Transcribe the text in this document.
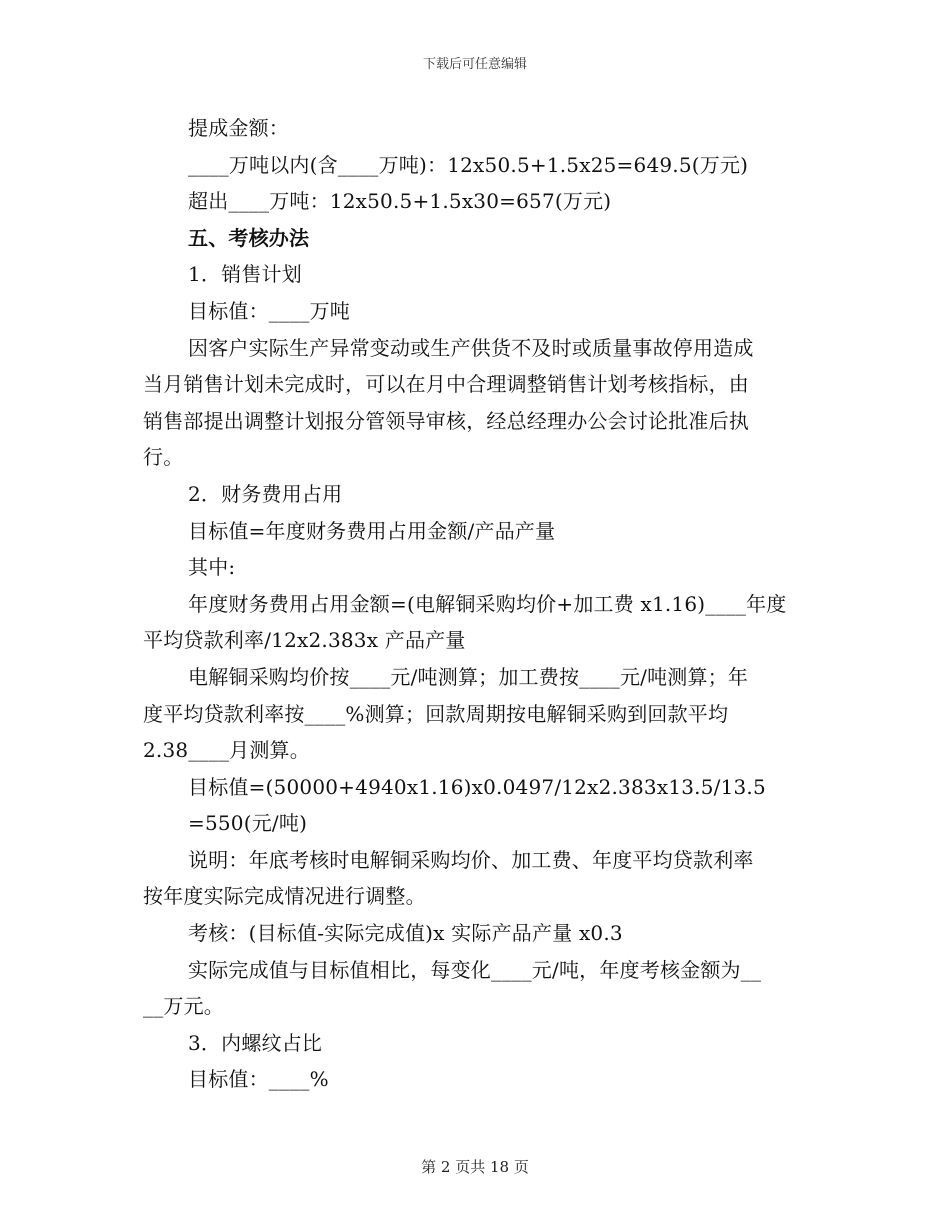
下载后可任意编辑
提成金额：
____万吨以内(含____万吨)：12x50.5+1.5x25=649.5(万元)
超出____万吨：12x50.5+1.5x30=657(万元)
五、考核办法
1．销售计划
目标值：____万吨
因客户实际生产异常变动或生产供货不及时或质量事故停用造成
当月销售计划未完成时，可以在月中合理调整销售计划考核指标，由
销售部提出调整计划报分管领导审核，经总经理办公会讨论批准后执
行。
2．财务费用占用
目标值=年度财务费用占用金额/产品产量
其中:
年度财务费用占用金额=(电解铜采购均价+加工费 x1.16)____年度
平均贷款利率/12x2.383x 产品产量
电解铜采购均价按____元/吨测算；加工费按____元/吨测算；年
度平均贷款利率按____%测算；回款周期按电解铜采购到回款平均
2.38____月测算。
目标值=(50000+4940x1.16)x0.0497/12x2.383x13.5/13.5
=550(元/吨)
说明：年底考核时电解铜采购均价、加工费、年度平均贷款利率
按年度实际完成情况进行调整。
考核：(目标值-实际完成值)x 实际产品产量 x0.3
实际完成值与目标值相比，每变化____元/吨，年度考核金额为__
__万元。
3．内螺纹占比
目标值：____%
第 2 页共 18 页
